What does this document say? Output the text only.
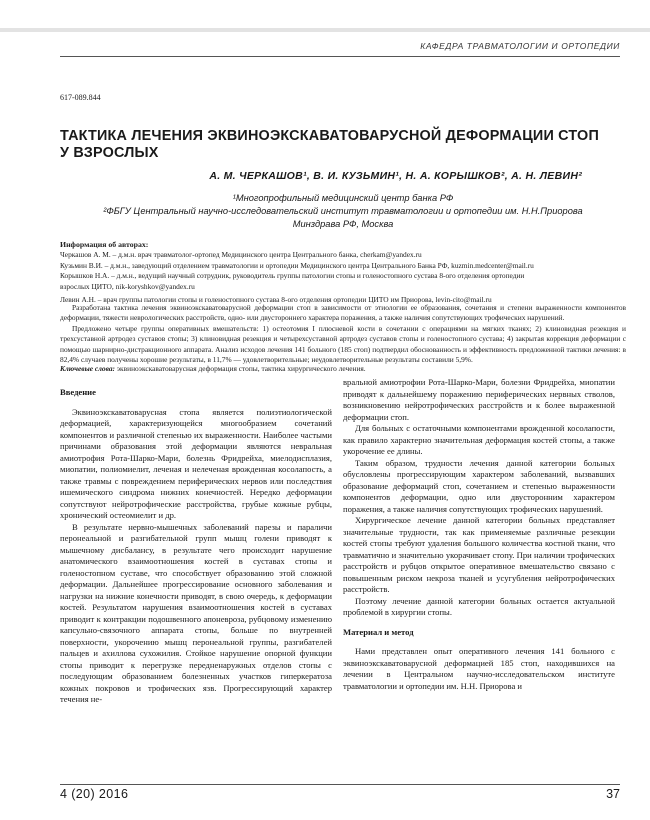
КАФЕДРА ТРАВМАТОЛОГИИ И ОРТОПЕДИИ
617-089.844
ТАКТИКА ЛЕЧЕНИЯ ЭКВИНОЭКСКАВАТОВАРУСНОЙ ДЕФОРМАЦИИ СТОП
У ВЗРОСЛЫХ
А. М. ЧЕРКАШОВ¹, В. И. КУЗЬМИН¹, Н. А. КОРЫШКОВ², А. Н. ЛЕВИН²
¹Многопрофильный медицинский центр банка РФ
²ФБГУ Центральный научно-исследовательский институт травматологии и ортопедии им. Н.Н.Приорова
Минздрава РФ, Москва
Информация об авторах:
Черкашов А. М. – д.м.н. врач травматолог-ортопед Медицинского центра Центрального банка, cherkam@yandex.ru
Кузьмин В.И. – д.м.н., заведующий отделением травматологии и ортопедии Медицинского центра Центрального Банка РФ, kuzmin.medcenter@mail.ru
Корышков Н.А. – д.м.н., ведущий научный сотрудник, руководитель группы патологии стопы и голеностопного сустава 8-ого отделения ортопедии
взрослых ЦИТО, nik-koryshkov@yandex.ru
Левин А.Н. – врач группы патологии стопы и голеностопного сустава 8-ого отделения ортопедии ЦИТО им Приорова, levin-cito@mail.ru

Разработана тактика лечения эквиноэкскаватоварусной деформации стоп в зависимости от этиологии ее образования, сочетания и степени выраженности компонентов деформации, тяжести неврологических расстройств, одно- или двустороннего характера поражения, а также наличия сопутствующих трофических нарушений.

Предложено четыре группы оперативных вмешательств: 1) остеотомия I плюсневой кости в сочетании с операциями на мягких тканях; 2) клиновидная резекция и трехсуставной артродез суставов стопы; 3) клиновидная резекция и четырехсуставной артродез суставов стопы и голеностопного сустава; 4) закрытая коррекция деформации с помощью шарнирно-дистракционного аппарата. Анализ исходов лечения 141 больного (185 стоп) подтвердил обоснованность и эффективность предложенной тактики лечения: в 82,4% случаев получены хорошие результаты, в 11,7% — удовлетворительные; неудовлетворительные результаты составили 5,9%.

Ключевые слова: эквиноэкскаватоварусная деформация стопы, тактика хирургического лечения.
Введение

Эквиноэкскаватоварусная стопа является полиэтиологической деформацией, характеризующейся многообразием сочетаний компонентов и различной степенью их выраженности. Наиболее частыми причинами образования этой деформации являются невральная амиотрофия Рота-Шарко-Мари, болезнь Фридрейха, миелодисплазия, миопатии, полиомиелит, леченая и нелеченая врожденная косолапость, а также травмы с повреждением периферических нервов или последствия ишемического синдрома нижних конечностей. Нередко деформации сопутствуют нейротрофические расстройства, грубые кожные рубцы, хронический остеомиелит и др.

В результате нервно-мышечных заболеваний парезы и параличи перонеальной и разгибательной групп мышц голени приводят к мышечному дисбалансу, в результате чего происходит нарушение анатомического взаимоотношения костей в суставах стопы и голеностопном суставе, что способствует образованию этой сложной деформации. Дальнейшее прогрессирование основного заболевания и нагрузки на нижние конечности приводят, в свою очередь, к деформации костей. Результатом нарушения взаимоотношения костей в суставах приводит к контракции подошвенного апоневроза, рубцовому изменению капсульно-связочного аппарата стопы, больше по внутренней поверхности, укорочению мышц перонеальной группы, разгибателей пальцев и ахиллова сухожилия. Стойкое нарушение опорной функции стопы приводит к перегрузке передненаружных отделов стопы с последующим образованием болезненных участков гиперкератоза кожных покровов и трофических язв. Прогрессирующий характер течения не-

вральной амиотрофии Рота-Шарко-Мари, болезни Фридрейха, миопатии приводят к дальнейшему поражению периферических нервных стволов, возникновению нейротрофических расстройств и к более выраженной деформации стоп.

Для больных с остаточными компонентами врожденной косолапости, как правило характерно значительная деформация костей стопы, а также укорочение ее длины.

Таким образом, трудности лечения данной категории больных обусловлены прогрессирующим характером заболеваний, вызвавших образование деформаций стоп, сочетанием и степенью выраженности компонентов деформации, одно или двусторонним характером поражения, а также наличия сопутствующих трофических нарушений.

Хирургическое лечение данной категории больных представляет значительные трудности, так как применяемые различные резекции костей стопы требуют удаления большого количества костной ткани, что травматично и значительно укорачивает стопу. При наличии трофических расстройств и рубцов открытое оперативное вмешательство связано с повышенным риском некроза тканей и усугубления нейротрофических расстройств.

Поэтому лечение данной категории больных остается актуальной проблемой в хирургии стопы.

Материал и метод

Нами представлен опыт оперативного лечения 141 больного с эквиноэкскаватоварусной деформацией 185 стоп, находившихся на лечении в Центральном научно-исследовательском институте травматологии и ортопедии им. Н.Н. Приорова и

4 (20) 2016	37
